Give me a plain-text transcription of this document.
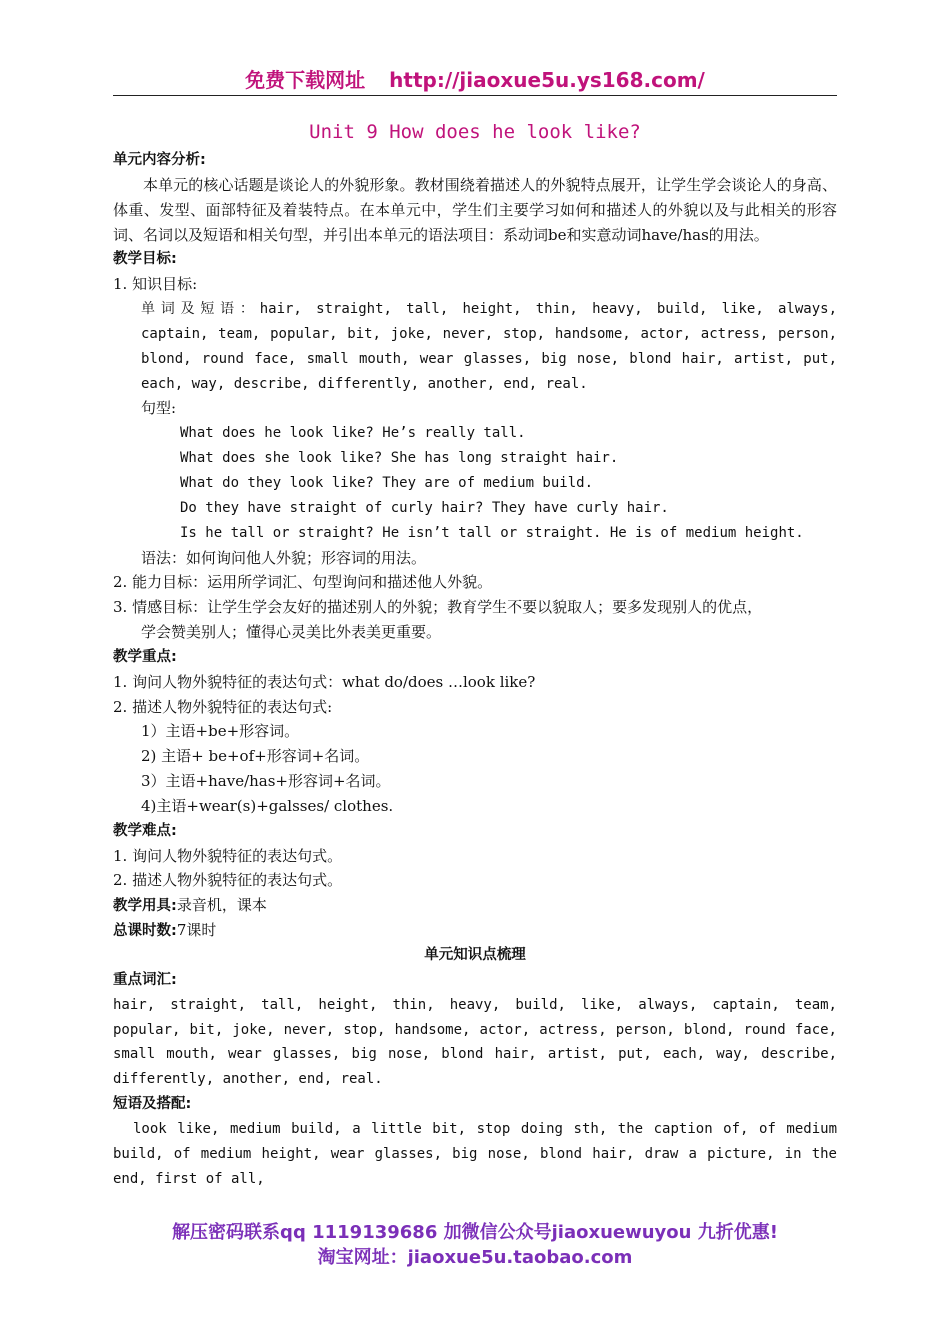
免费下载网址 http://jiaoxue5u.ys168.com/
Unit 9 How does he look like?
单元内容分析:
本单元的核心话题是谈论人的外貌形象。教材围绕着描述人的外貌特点展开，让学生学会谈论人的身高、体重、发型、面部特征及着装特点。在本单元中，学生们主要学习如何和描述人的外貌以及与此相关的形容词、名词以及短语和相关句型，并引出本单元的语法项目：系动词be和实意动词have/has的用法。
教学目标:
1. 知识目标:
单词及短语：hair, straight, tall, height, thin, heavy, build, like, always,
captain, team, popular, bit, joke, never, stop, handsome, actor, actress, person,
blond, round face, small mouth, wear glasses, big nose, blond hair, artist, put,
each, way, describe, differently, another, end, real.
句型:
What does he look like? He’s really tall.
What does she look like? She has long straight hair.
What do they look like? They are of medium build.
Do they have straight of curly hair? They have curly hair.
Is he tall or straight? He isn’t tall or straight. He is of medium height.
语法：如何询问他人外貌；形容词的用法。
2. 能力目标：运用所学词汇、句型询问和描述他人外貌。
3. 情感目标：让学生学会友好的描述别人的外貌；教育学生不要以貌取人；要多发现别人的优点，
学会赞美别人；懂得心灵美比外表美更重要。
教学重点:
1. 询问人物外貌特征的表达句式：what do/does …look like?
2. 描述人物外貌特征的表达句式:
1）主语+be+形容词。
2) 主语+ be+of+形容词+名词。
3）主语+have/has+形容词+名词。
4)主语+wear(s)+galsses/ clothes.
教学难点:
1. 询问人物外貌特征的表达句式。
2. 描述人物外貌特征的表达句式。
教学用具:录音机，课本
总课时数:7课时
单元知识点梳理
重点词汇:
hair, straight, tall, height, thin, heavy, build, like, always, captain, team,
popular, bit, joke, never, stop, handsome, actor, actress, person, blond, round face,
small mouth, wear glasses, big nose, blond hair, artist, put, each, way, describe,
differently, another, end, real.
短语及搭配:
look like, medium build, a little bit, stop doing sth, the caption of, of medium
build, of medium height, wear glasses, big nose, blond hair, draw a picture, in the
end, first of all,
解压密码联系qq 1119139686 加微信公众号jiaoxuewuyou 九折优惠!
淘宝网址：jiaoxue5u.taobao.com
